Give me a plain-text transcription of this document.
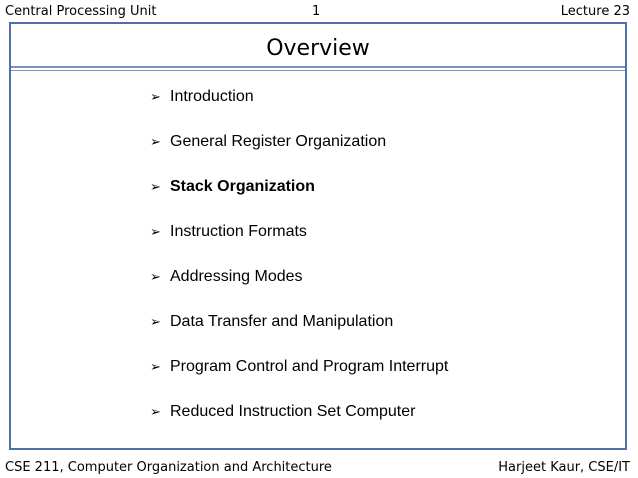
Central Processing Unit	1	Lecture 23
Overview
➢ Introduction
➢ General Register Organization
➢ Stack Organization
➢ Instruction Formats
➢ Addressing Modes
➢ Data Transfer and Manipulation
➢ Program Control and Program Interrupt
➢ Reduced Instruction Set Computer
CSE 211, Computer Organization and Architecture	Harjeet Kaur, CSE/IT
